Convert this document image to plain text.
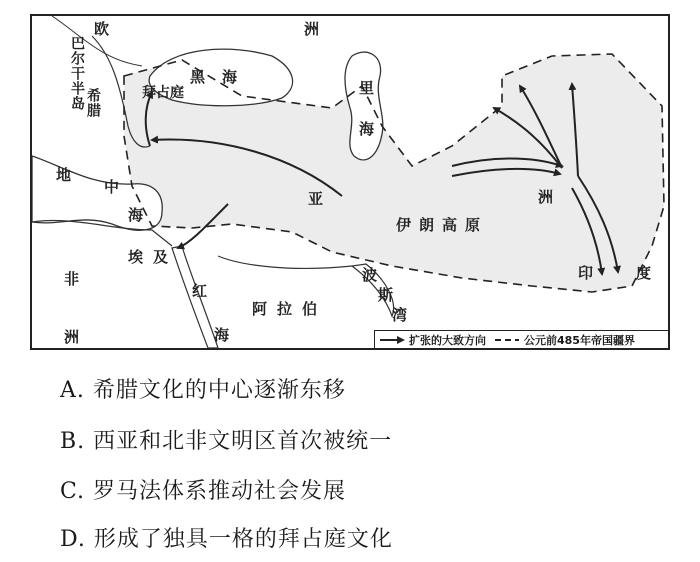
欧	洲
巴尔干半岛 希腊	拜占庭
黑 海
里海
地
中
海
亚	洲
伊朗高原
非
洲
埃及
红
海
波
斯
湾
阿拉伯
印	度
扩张的大致方向	公元前485年帝国疆界
A. 希腊文化的中心逐渐东移
B. 西亚和北非文明区首次被统一
C. 罗马法体系推动社会发展
D. 形成了独具一格的拜占庭文化
